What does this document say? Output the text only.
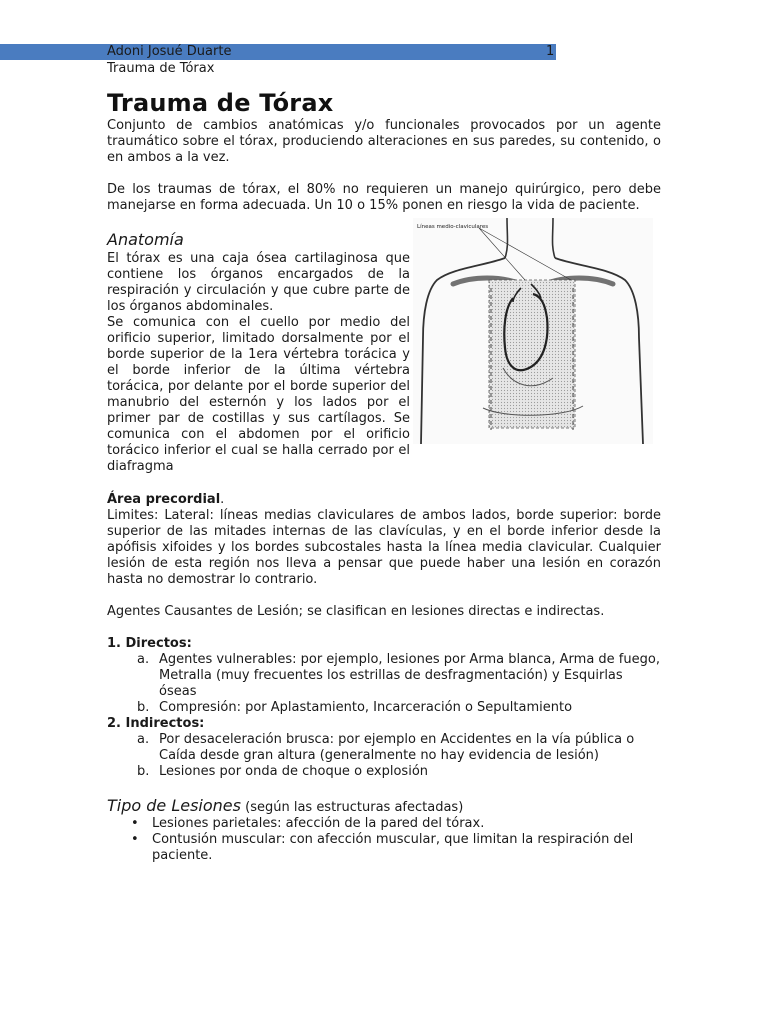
Adoni Josué Duarte	1
Trauma de Tórax
Trauma de Tórax

Conjunto de cambios anatómicas y/o funcionales provocados por un agente traumático sobre el tórax, produciendo alteraciones en sus paredes, su contenido, o en ambos a la vez.

De los traumas de tórax, el 80% no requieren un manejo quirúrgico, pero debe manejarse en forma adecuada. Un 10 o 15% ponen en riesgo la vida de paciente.

Anatomía

El tórax es una caja ósea cartilaginosa que contiene los órganos encargados de la respiración y circulación y que cubre parte de los órganos abdominales.

Se comunica con el cuello por medio del orificio superior, limitado dorsalmente por el borde superior de la 1era vértebra torácica y el borde inferior de la última vértebra torácica, por delante por el borde superior del manubrio del esternón y los lados por el primer par de costillas y sus cartílagos. Se comunica con el abdomen por el orificio torácico inferior el cual se halla cerrado por el diafragma

Líneas medio-claviculares

Área precordial.

Limites: Lateral: líneas medias claviculares de ambos lados, borde superior: borde superior de las mitades internas de las clavículas, y en el borde inferior desde la apófisis xifoides y los bordes subcostales hasta la línea media clavicular. Cualquier lesión de esta región nos lleva a pensar que puede haber una lesión en corazón hasta no demostrar lo contrario.

Agentes Causantes de Lesión; se clasifican en lesiones directas e indirectas.

1. Directos:
a. Agentes vulnerables: por ejemplo, lesiones por Arma blanca, Arma de fuego, Metralla (muy frecuentes los estrillas de desfragmentación) y Esquirlas óseas
b. Compresión: por Aplastamiento, Incarceración o Sepultamiento
2. Indirectos:
a. Por desaceleración brusca: por ejemplo en Accidentes en la vía pública o Caída desde gran altura (generalmente no hay evidencia de lesión)
b. Lesiones por onda de choque o explosión

Tipo de Lesiones (según las estructuras afectadas)

• Lesiones parietales: afección de la pared del tórax.
• Contusión muscular: con afección muscular, que limitan la respiración del paciente.
